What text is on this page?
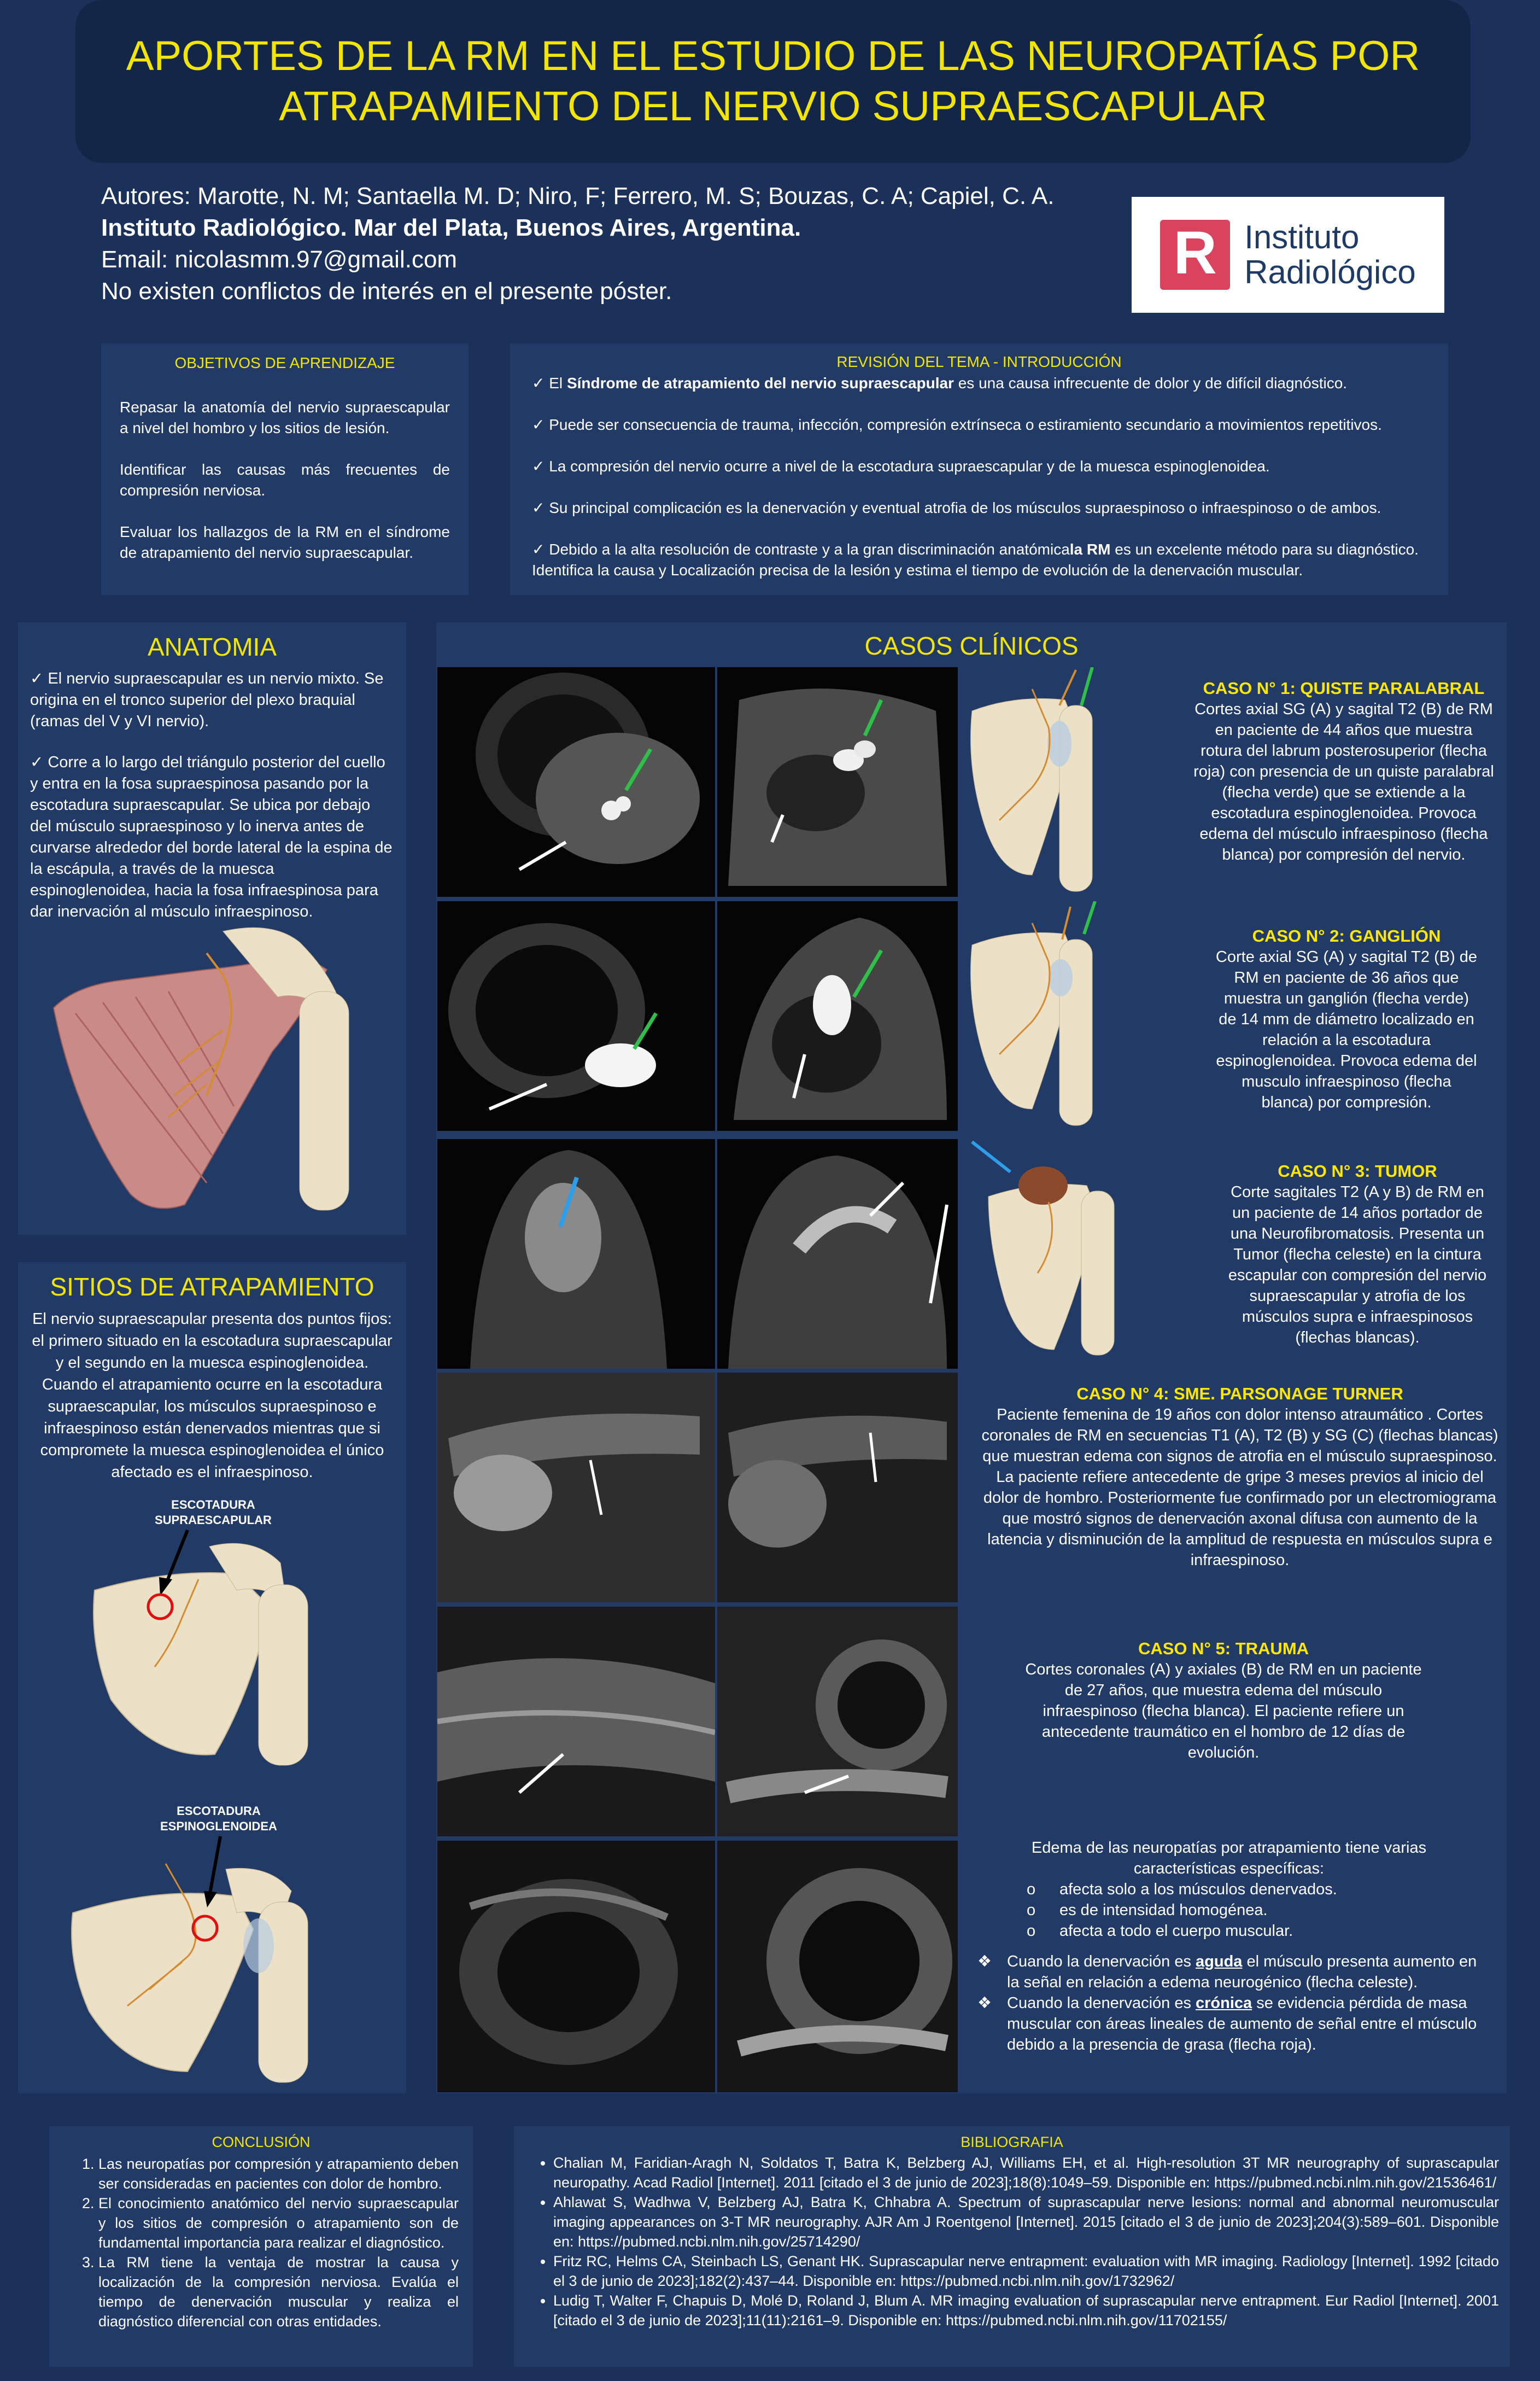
APORTES DE LA RM EN EL ESTUDIO DE LAS NEUROPATÍAS POR
ATRAPAMIENTO DEL NERVIO SUPRAESCAPULAR
Autores: Marotte, N. M; Santaella M. D; Niro, F; Ferrero, M. S; Bouzas, C. A; Capiel, C. A.
Instituto Radiológico. Mar del Plata, Buenos Aires, Argentina.
Email: nicolasmm.97@gmail.com
No existen conflictos de interés en el presente póster.
R Instituto
Radiológico
OBJETIVOS DE APRENDIZAJE

Repasar la anatomía del nervio supraescapular a nivel del hombro y los sitios de lesión.

Identificar las causas más frecuentes de compresión nerviosa.

Evaluar los hallazgos de la RM en el síndrome de atrapamiento del nervio supraescapular.

REVISIÓN DEL TEMA - INTRODUCCIÓN

✓ El Síndrome de atrapamiento del nervio supraescapular es una causa infrecuente de dolor y de difícil diagnóstico.

✓ Puede ser consecuencia de trauma, infección, compresión extrínseca o estiramiento secundario a movimientos repetitivos.

✓ La compresión del nervio ocurre a nivel de la escotadura supraescapular y de la muesca espinoglenoidea.

✓ Su principal complicación es la denervación y eventual atrofia de los músculos supraespinoso o infraespinoso o de ambos.

✓ Debido a la alta resolución de contraste y a la gran discriminación anatómicala RM es un excelente método para su diagnóstico. Identifica la causa y Localización precisa de la lesión y estima el tiempo de evolución de la denervación muscular.

ANATOMIA

✓ El nervio supraescapular es un nervio mixto. Se origina en el tronco superior del plexo braquial (ramas del V y VI nervio).

✓ Corre a lo largo del triángulo posterior del cuello y entra en la fosa supraespinosa pasando por la escotadura supraescapular. Se ubica por debajo del músculo supraespinoso y lo inerva antes de curvarse alrededor del borde lateral de la espina de la escápula, a través de la muesca espinoglenoidea, hacia la fosa infraespinosa para dar inervación al músculo infraespinoso.

SITIOS DE ATRAPAMIENTO

El nervio supraescapular presenta dos puntos fijos: el primero situado en la escotadura supraescapular y el segundo en la muesca espinoglenoidea. Cuando el atrapamiento ocurre en la escotadura supraescapular, los músculos supraespinoso e infraespinoso están denervados mientras que si compromete la muesca espinoglenoidea el único afectado es el infraespinoso.

ESCOTADURA
SUPRAESCAPULAR
ESCOTADURA
ESPINOGLENOIDEA
CASOS CLÍNICOS
CASO N° 1: QUISTE PARALABRAL
Cortes axial SG (A) y sagital T2 (B) de RM en paciente de 44 años que muestra rotura del labrum posterosuperior (flecha roja) con presencia de un quiste paralabral (flecha verde) que se extiende a la escotadura espinoglenoidea. Provoca edema del músculo infraespinoso (flecha blanca) por compresión del nervio.
CASO N° 2: GANGLIÓN
Corte axial SG (A) y sagital T2 (B) de RM en paciente de 36 años que muestra un ganglión (flecha verde) de 14 mm de diámetro localizado en relación a la escotadura espinoglenoidea. Provoca edema del musculo infraespinoso (flecha blanca) por compresión.
CASO N° 3: TUMOR
Corte sagitales T2 (A y B) de RM en un paciente de 14 años portador de una Neurofibromatosis. Presenta un Tumor (flecha celeste) en la cintura escapular con compresión del nervio supraescapular y atrofia de los músculos supra e infraespinosos (flechas blancas).
CASO N° 4: SME. PARSONAGE TURNER
Paciente femenina de 19 años con dolor intenso atraumático . Cortes coronales de RM en secuencias T1 (A), T2 (B) y SG (C) (flechas blancas) que muestran edema con signos de atrofia en el músculo supraespinoso. La paciente refiere antecedente de gripe 3 meses previos al inicio del dolor de hombro. Posteriormente fue confirmado por un electromiograma que mostró signos de denervación axonal difusa con aumento de la latencia y disminución de la amplitud de respuesta en músculos supra e infraespinoso.
CASO N° 5: TRAUMA
Cortes coronales (A) y axiales (B) de RM en un paciente de 27 años, que muestra edema del músculo infraespinoso (flecha blanca). El paciente refiere un antecedente traumático en el hombro de 12 días de evolución.
Edema de las neuropatías por atrapamiento tiene varias características específicas:
o afecta solo a los músculos denervados.
o es de intensidad homogénea.
o afecta a todo el cuerpo muscular.
❖ Cuando la denervación es aguda el músculo presenta aumento en la señal en relación a edema neurogénico (flecha celeste).
❖ Cuando la denervación es crónica se evidencia pérdida de masa muscular con áreas lineales de aumento de señal entre el músculo debido a la presencia de grasa (flecha roja).
CONCLUSIÓN
1. Las neuropatías por compresión y atrapamiento deben ser consideradas en pacientes con dolor de hombro.
2. El conocimiento anatómico del nervio supraescapular y los sitios de compresión o atrapamiento son de fundamental importancia para realizar el diagnóstico.
3. La RM tiene la ventaja de mostrar la causa y localización de la compresión nerviosa. Evalúa el tiempo de denervación muscular y realiza el diagnóstico diferencial con otras entidades.
BIBLIOGRAFIA
• Chalian M, Faridian-Aragh N, Soldatos T, Batra K, Belzberg AJ, Williams EH, et al. High-resolution 3T MR neurography of suprascapular neuropathy. Acad Radiol [Internet]. 2011 [citado el 3 de junio de 2023];18(8):1049–59. Disponible en: https://pubmed.ncbi.nlm.nih.gov/21536461/
• Ahlawat S, Wadhwa V, Belzberg AJ, Batra K, Chhabra A. Spectrum of suprascapular nerve lesions: normal and abnormal neuromuscular imaging appearances on 3-T MR neurography. AJR Am J Roentgenol [Internet]. 2015 [citado el 3 de junio de 2023];204(3):589–601. Disponible en: https://pubmed.ncbi.nlm.nih.gov/25714290/
• Fritz RC, Helms CA, Steinbach LS, Genant HK. Suprascapular nerve entrapment: evaluation with MR imaging. Radiology [Internet]. 1992 [citado el 3 de junio de 2023];182(2):437–44. Disponible en: https://pubmed.ncbi.nlm.nih.gov/1732962/
• Ludig T, Walter F, Chapuis D, Molé D, Roland J, Blum A. MR imaging evaluation of suprascapular nerve entrapment. Eur Radiol [Internet]. 2001 [citado el 3 de junio de 2023];11(11):2161–9. Disponible en: https://pubmed.ncbi.nlm.nih.gov/11702155/
